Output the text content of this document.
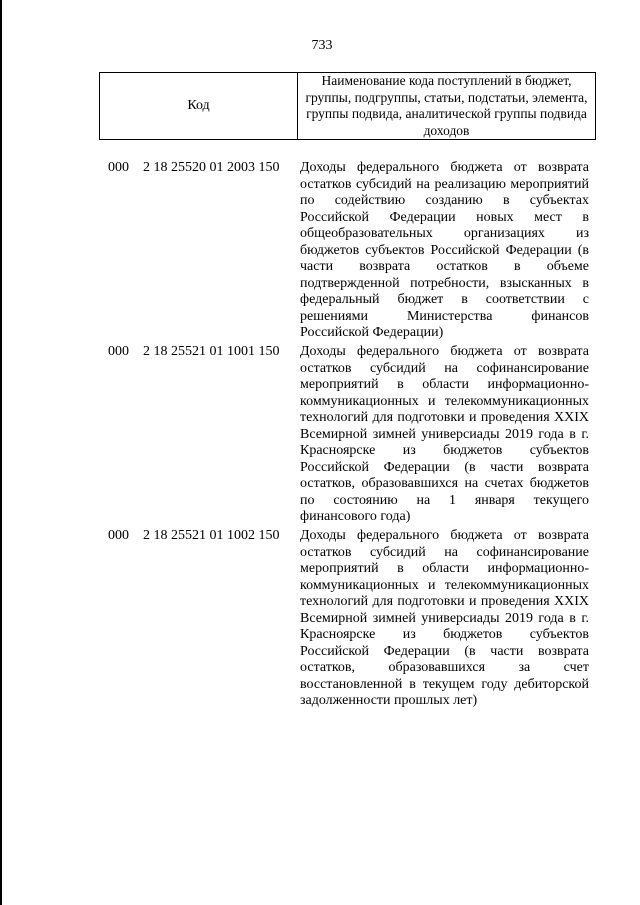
733
Код
Наименование кода поступлений в бюджет, группы, подгруппы, статьи, подстатьи, элемента, группы подвида, аналитической группы подвида доходов
000 2 18 25520 01 2003 150 Доходы федерального бюджета от возврата остатков субсидий на реализацию мероприятий по содействию созданию в субъектах Российской Федерации новых мест в общеобразовательных организациях из бюджетов субъектов Российской Федерации (в части возврата остатков в объеме подтвержденной потребности, взысканных в федеральный бюджет в соответствии с решениями Министерства финансов Российской Федерации)
000 2 18 25521 01 1001 150 Доходы федерального бюджета от возврата остатков субсидий на софинансирование мероприятий в области информационно-коммуникационных и телекоммуникационных технологий для подготовки и проведения XXIX Всемирной зимней универсиады 2019 года в г. Красноярске из бюджетов субъектов Российской Федерации (в части возврата остатков, образовавшихся на счетах бюджетов по состоянию на 1 января текущего финансового года)
000 2 18 25521 01 1002 150 Доходы федерального бюджета от возврата остатков субсидий на софинансирование мероприятий в области информационно-коммуникационных и телекоммуникационных технологий для подготовки и проведения XXIX Всемирной зимней универсиады 2019 года в г. Красноярске из бюджетов субъектов Российской Федерации (в части возврата остатков, образовавшихся за счет восстановленной в текущем году дебиторской задолженности прошлых лет)
